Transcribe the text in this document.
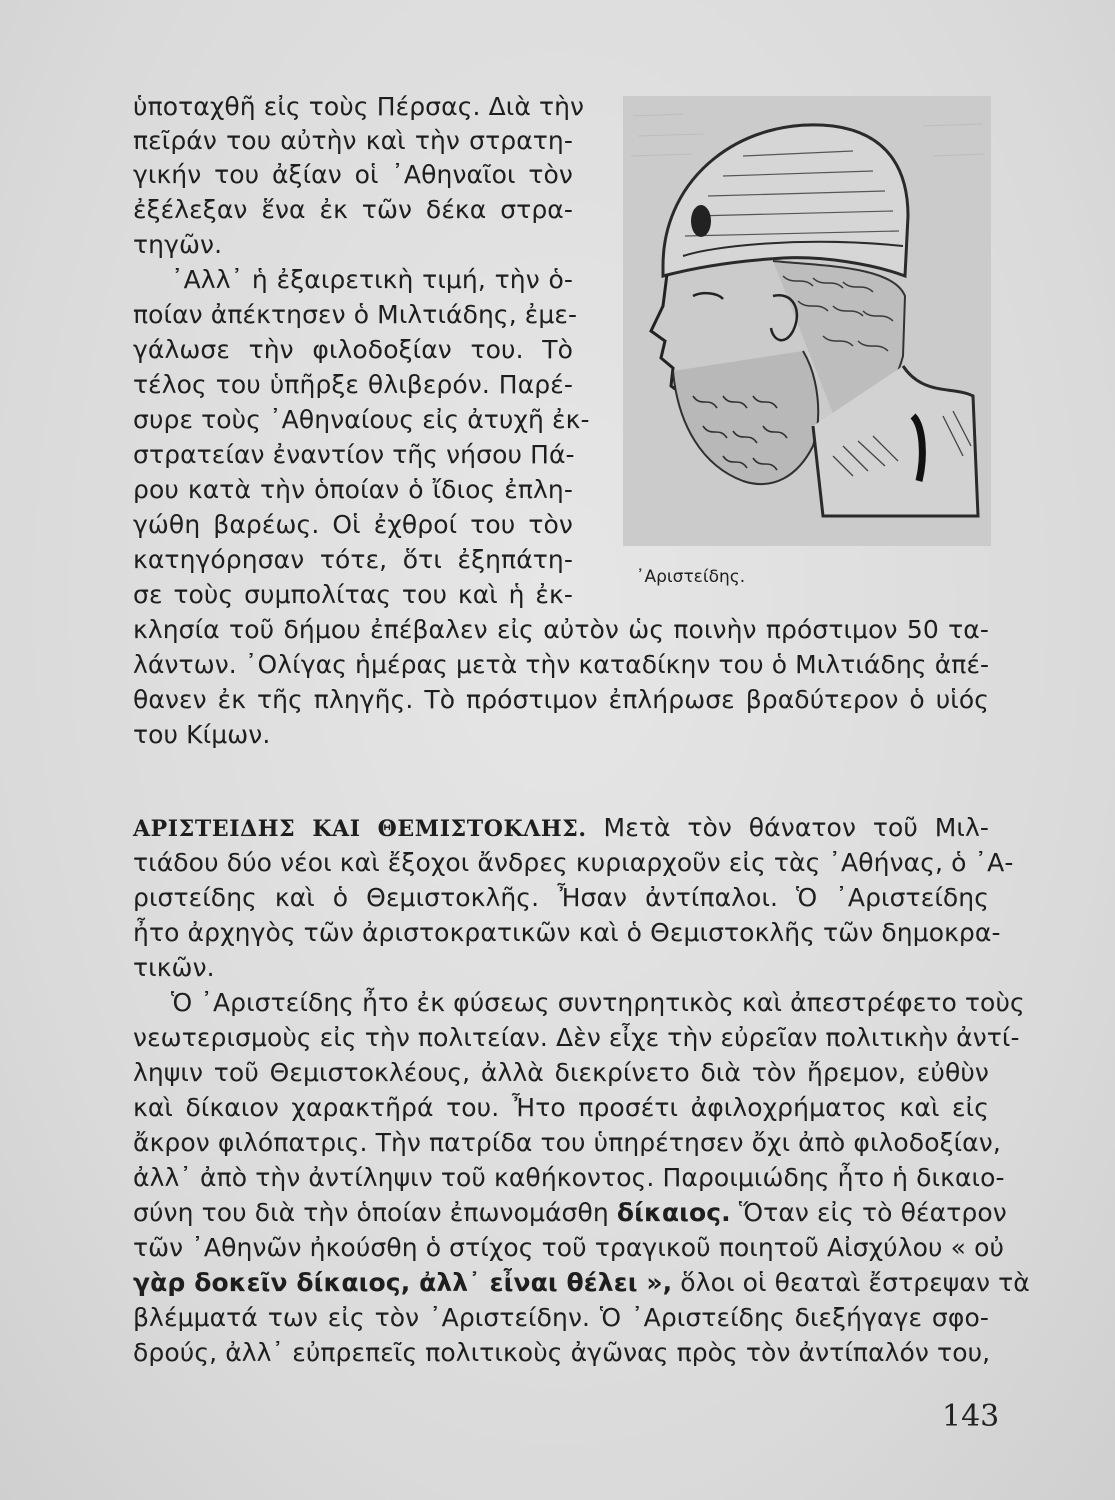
᾿Αριστείδης.
ὑποταχθῆ εἰς τοὺς Πέρσας. Διὰ τὴν
πεῖράν του αὐτὴν καὶ τὴν στρατη-
γικήν του ἀξίαν οἱ ᾿Αθηναῖοι τὸν
ἐξέλεξαν ἕνα ἐκ τῶν δέκα στρα-
τηγῶν.
᾿Αλλ᾿ ἡ ἐξαιρετικὴ τιμή, τὴν ὁ-
ποίαν ἀπέκτησεν ὁ Μιλτιάδης, ἐμε-
γάλωσε τὴν φιλοδοξίαν του. Τὸ
τέλος του ὑπῆρξε θλιβερόν. Παρέ-
συρε τοὺς ᾿Αθηναίους εἰς ἀτυχῆ ἐκ-
στρατείαν ἐναντίον τῆς νήσου Πά-
ρου κατὰ τὴν ὁποίαν ὁ ἴδιος ἐπλη-
γώθη βαρέως. Οἱ ἐχθροί του τὸν
κατηγόρησαν τότε, ὅτι ἐξηπάτη-
σε τοὺς συμπολίτας του καὶ ἡ ἐκ-
κλησία τοῦ δήμου ἐπέβαλεν εἰς αὐτὸν ὡς ποινὴν πρόστιμον 50 τα-
λάντων. ᾿Ολίγας ἡμέρας μετὰ τὴν καταδίκην του ὁ Μιλτιάδης ἀπέ-
θανεν ἐκ τῆς πληγῆς. Τὸ πρόστιμον ἐπλήρωσε βραδύτερον ὁ υἱός
του Κίμων.
ΑΡΙΣΤΕΙΔΗΣ ΚΑΙ ΘΕΜΙΣΤΟΚΛΗΣ. Μετὰ τὸν θάνατον τοῦ Μιλ-
τιάδου δύο νέοι καὶ ἔξοχοι ἄνδρες κυριαρχοῦν εἰς τὰς ᾿Αθήνας, ὁ ᾿Α-
ριστείδης καὶ ὁ Θεμιστοκλῆς. Ἦσαν ἀντίπαλοι. Ὁ ᾿Αριστείδης
ἦτο ἀρχηγὸς τῶν ἀριστοκρατικῶν καὶ ὁ Θεμιστοκλῆς τῶν δημοκρα-
τικῶν.
Ὁ ᾿Αριστείδης ἦτο ἐκ φύσεως συντηρητικὸς καὶ ἀπεστρέφετο τοὺς
νεωτερισμοὺς εἰς τὴν πολιτείαν. Δὲν εἶχε τὴν εὐρεῖαν πολιτικὴν ἀντί-
ληψιν τοῦ Θεμιστοκλέους, ἀλλὰ διεκρίνετο διὰ τὸν ἤρεμον, εὐθὺν
καὶ δίκαιον χαρακτῆρά του. Ἦτο προσέτι ἀφιλοχρήματος καὶ εἰς
ἄκρον φιλόπατρις. Τὴν πατρίδα του ὑπηρέτησεν ὄχι ἀπὸ φιλοδοξίαν,
ἀλλ᾿ ἀπὸ τὴν ἀντίληψιν τοῦ καθήκοντος. Παροιμιώδης ἦτο ἡ δικαιο-
σύνη του διὰ τὴν ὁποίαν ἐπωνομάσθη δίκαιος. Ὅταν εἰς τὸ θέατρον
τῶν ᾿Αθηνῶν ἠκούσθη ὁ στίχος τοῦ τραγικοῦ ποιητοῦ Αἰσχύλου « οὐ
γὰρ δοκεῖν δίκαιος, ἀλλ᾿ εἶναι θέλει », ὅλοι οἱ θεαταὶ ἔστρεψαν τὰ
βλέμματά των εἰς τὸν ᾿Αριστείδην. Ὁ ᾿Αριστείδης διεξήγαγε σφο-
δρούς, ἀλλ᾿ εὐπρεπεῖς πολιτικοὺς ἀγῶνας πρὸς τὸν ἀντίπαλόν του,
143
